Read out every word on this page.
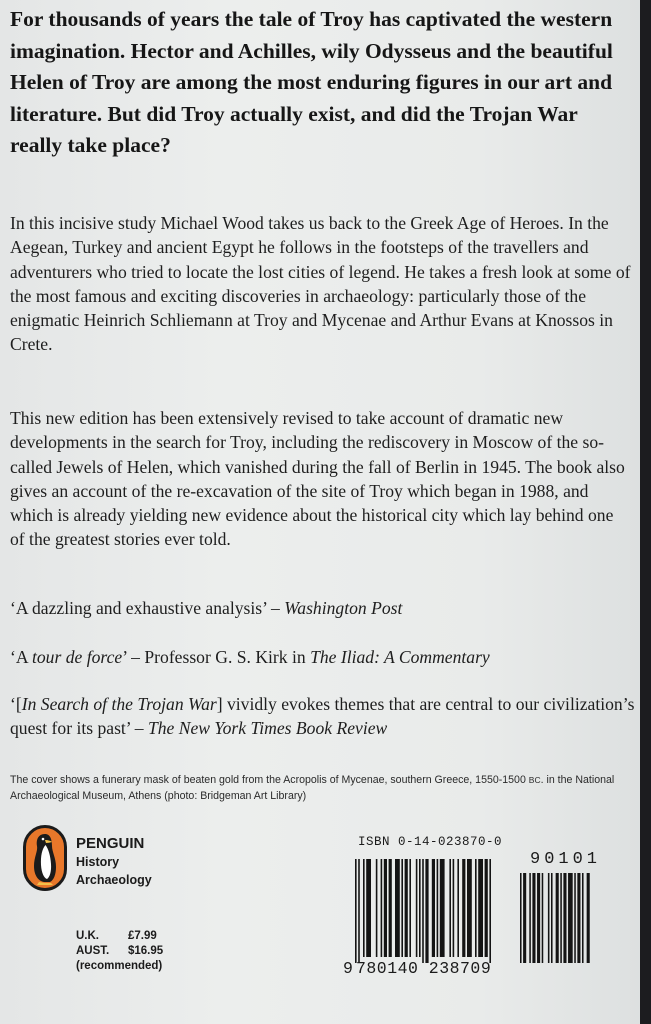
For thousands of years the tale of Troy has captivated the western imagination. Hector and Achilles, wily Odysseus and the beautiful Helen of Troy are among the most enduring figures in our art and literature. But did Troy actually exist, and did the Trojan War really take place?

In this incisive study Michael Wood takes us back to the Greek Age of Heroes. In the Aegean, Turkey and ancient Egypt he follows in the footsteps of the travellers and adventurers who tried to locate the lost cities of legend. He takes a fresh look at some of the most famous and exciting discoveries in archaeology: particularly those of the enigmatic Heinrich Schliemann at Troy and Mycenae and Arthur Evans at Knossos in Crete.

This new edition has been extensively revised to take account of dramatic new developments in the search for Troy, including the rediscovery in Moscow of the so-called Jewels of Helen, which vanished during the fall of Berlin in 1945. The book also gives an account of the re-excavation of the site of Troy which began in 1988, and which is already yielding new evidence about the historical city which lay behind one of the greatest stories ever told.

‘A dazzling and exhaustive analysis’ – Washington Post

‘A tour de force’ – Professor G. S. Kirk in The Iliad: A Commentary

‘[In Search of the Trojan War] vividly evokes themes that are central to our civilization’s quest for its past’ – The New York Times Book Review

The cover shows a funerary mask of beaten gold from the Acropolis of Mycenae, southern Greece, 1550-1500 BC. in the National Archaeological Museum, Athens (photo: Bridgeman Art Library)

PENGUIN
History
Archaeology
U.K.	£7.99
AUST.	$16.95
(recommended)
ISBN 0-14-023870-0
90101
9 780140 238709
